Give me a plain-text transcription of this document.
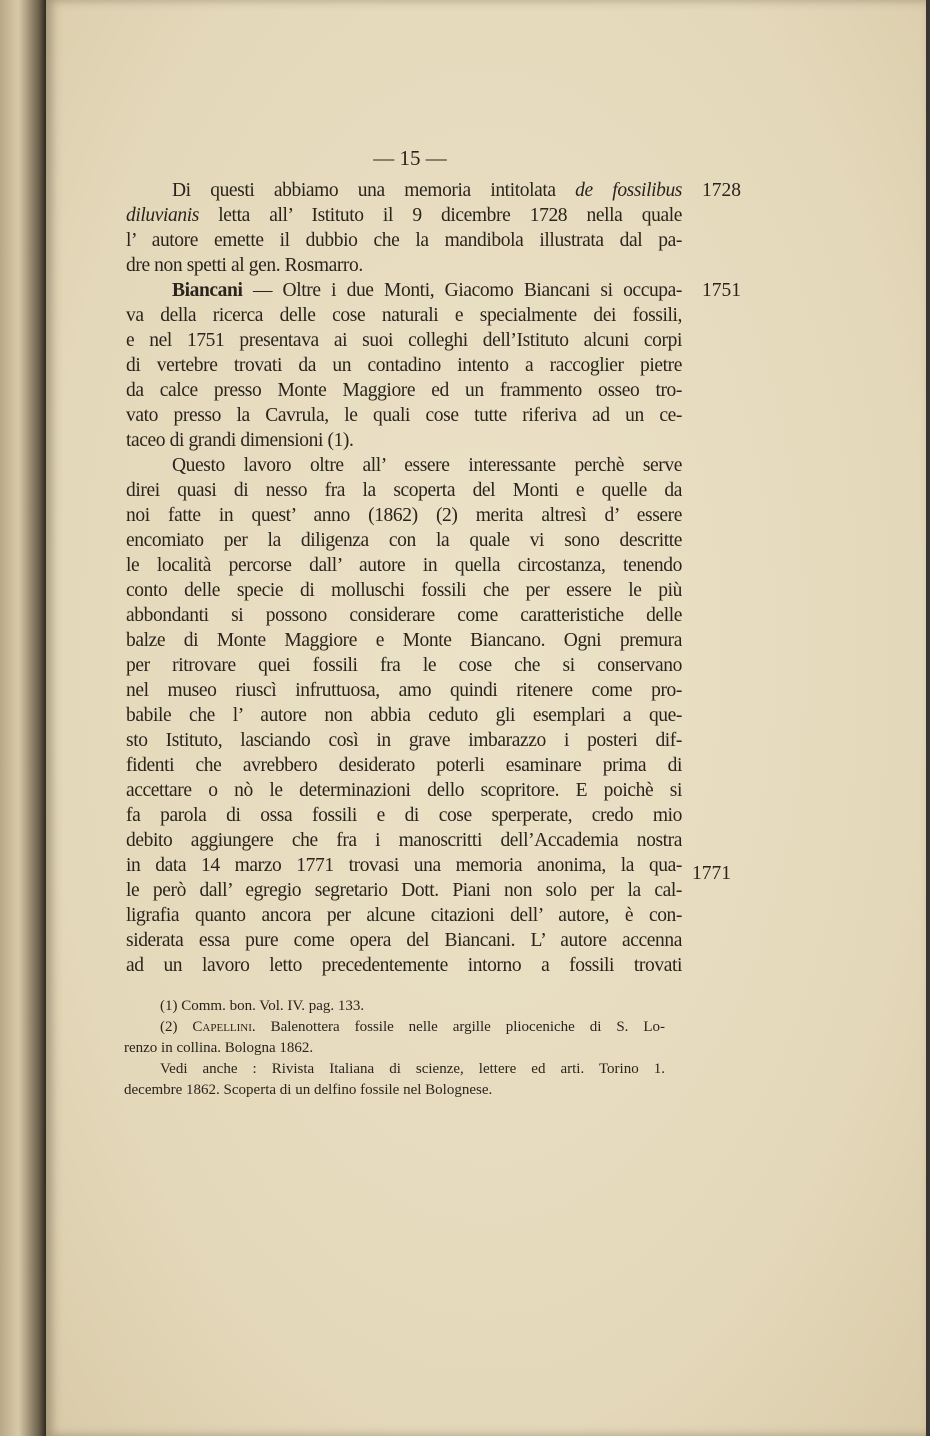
— 15 —
1728
1751
1771
Di questi abbiamo una memoria intitolata de fossilibus
diluvianis letta all’ Istituto il 9 dicembre 1728 nella quale
l’ autore emette il dubbio che la mandibola illustrata dal pa-
dre non spetti al gen. Rosmarro.
Biancani — Oltre i due Monti, Giacomo Biancani si occupa-
va della ricerca delle cose naturali e specialmente dei fossili,
e nel 1751 presentava ai suoi colleghi dell’Istituto alcuni corpi
di vertebre trovati da un contadino intento a raccoglier pietre
da calce presso Monte Maggiore ed un frammento osseo tro-
vato presso la Cavrula, le quali cose tutte riferiva ad un ce-
taceo di grandi dimensioni (1).
Questo lavoro oltre all’ essere interessante perchè serve
direi quasi di nesso fra la scoperta del Monti e quelle da
noi fatte in quest’ anno (1862) (2) merita altresì d’ essere
encomiato per la diligenza con la quale vi sono descritte
le località percorse dall’ autore in quella circostanza, tenendo
conto delle specie di molluschi fossili che per essere le più
abbondanti si possono considerare come caratteristiche delle
balze di Monte Maggiore e Monte Biancano. Ogni premura
per ritrovare quei fossili fra le cose che si conservano
nel museo riuscì infruttuosa, amo quindi ritenere come pro-
babile che l’ autore non abbia ceduto gli esemplari a que-
sto Istituto, lasciando così in grave imbarazzo i posteri dif-
fidenti che avrebbero desiderato poterli esaminare prima di
accettare o nò le determinazioni dello scopritore. E poichè si
fa parola di ossa fossili e di cose sperperate, credo mio
debito aggiungere che fra i manoscritti dell’Accademia nostra
in data 14 marzo 1771 trovasi una memoria anonima, la qua-
le però dall’ egregio segretario Dott. Piani non solo per la cal-
ligrafia quanto ancora per alcune citazioni dell’ autore, è con-
siderata essa pure come opera del Biancani. L’ autore accenna
ad un lavoro letto precedentemente intorno a fossili trovati
(1) Comm. bon. Vol. IV. pag. 133.
(2) Capellini. Balenottera fossile nelle argille plioceniche di S. Lo-
renzo in collina. Bologna 1862.
Vedi anche : Rivista Italiana di scienze, lettere ed arti. Torino 1.
decembre 1862. Scoperta di un delfino fossile nel Bolognese.
